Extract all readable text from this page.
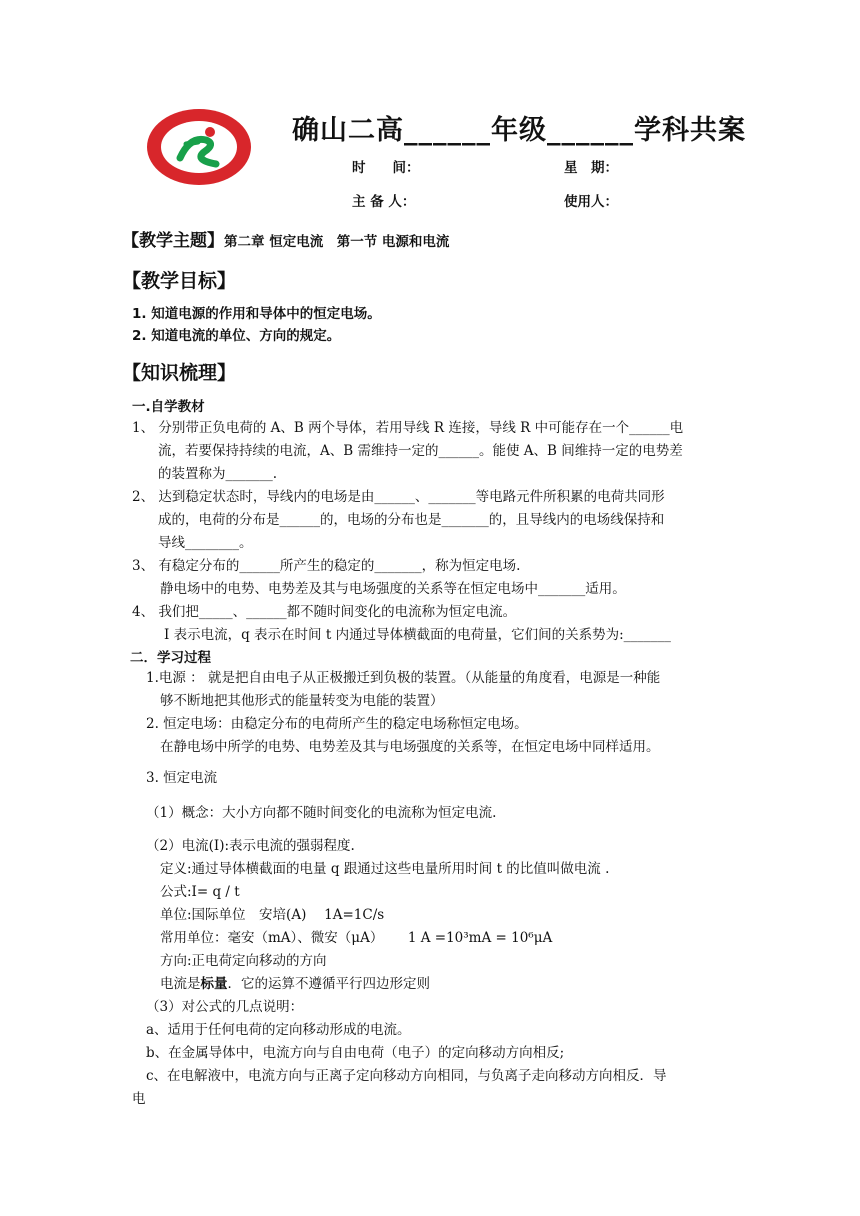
确山二高______年级______学科共案
时　　间：	星　期：
主 备 人：	使用人：
【教学主题】第二章 恒定电流　第一节 电源和电流
【教学目标】
1. 知道电源的作用和导体中的恒定电场。
2. 知道电流的单位、方向的规定。
【知识梳理】
一.自学教材
1、 分别带正负电荷的 A、B 两个导体，若用导线 R 连接，导线 R 中可能存在一个______电
流，若要保持持续的电流，A、B 需维持一定的______。能使 A、B 间维持一定的电势差
的装置称为_______.
2、 达到稳定状态时，导线内的电场是由______、_______等电路元件所积累的电荷共同形
成的，电荷的分布是______的，电场的分布也是_______的，且导线内的电场线保持和
导线________。
3、 有稳定分布的______所产生的稳定的_______，称为恒定电场.
静电场中的电势、电势差及其与电场强度的关系等在恒定电场中_______适用。
4、 我们把_____、______都不随时间变化的电流称为恒定电流。
I 表示电流，q 表示在时间 t 内通过导体横截面的电荷量，它们间的关系势为:_______
二．学习过程
1.电源 ： 就是把自由电子从正极搬迁到负极的装置。（从能量的角度看，电源是一种能
够不断地把其他形式的能量转变为电能的装置）
2. 恒定电场：由稳定分布的电荷所产生的稳定电场称恒定电场。
在静电场中所学的电势、电势差及其与电场强度的关系等，在恒定电场中同样适用。
3. 恒定电流
（1）概念：大小方向都不随时间变化的电流称为恒定电流.
（2）电流(I):表示电流的强弱程度.
定义:通过导体横截面的电量 q 跟通过这些电量所用时间 t 的比值叫做电流 .
公式:I= q / t
单位:国际单位　安培(A)　 1A=1C/s
常用单位：毫安（mA）、微安（μA）　　 1 A =10³mA = 10⁶μA
方向:正电荷定向移动的方向
电流是标量．它的运算不遵循平行四边形定则
（3）对公式的几点说明：
a、适用于任何电荷的定向移动形成的电流。
b、在金属导体中，电流方向与自由电荷（电子）的定向移动方向相反;
c、在电解液中，电流方向与正离子定向移动方向相同，与负离子走向移动方向相反．导
电
